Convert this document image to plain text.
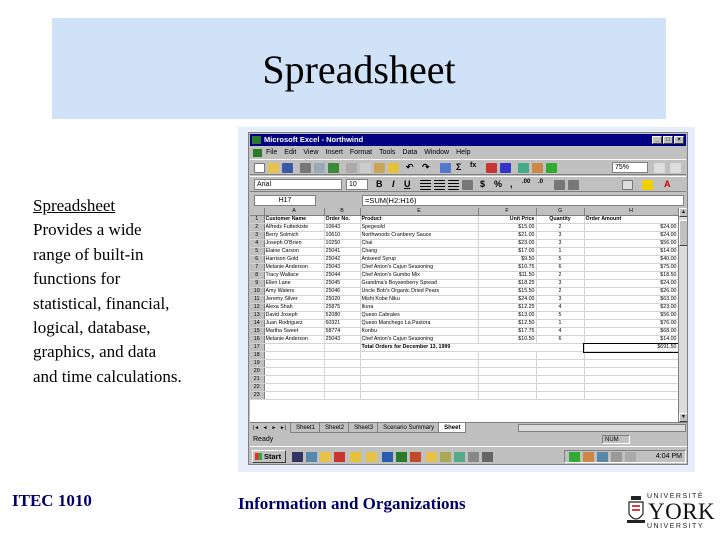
Spreadsheet
Spreadsheet
Provides a wide
range of built-in
functions for
statistical, financial,
logical, database,
graphics, and data
and time calculations.
Microsoft Excel - Northwind	_	□	×
File Edit View Insert Format Tools Data Window Help
↶ ↷	Σ fx	75%
Arial	10	B I U	$ % , .00 .0	A
H17	=SUM(H2:H16)
	A	B	E	F	G	H
1	Customer Name	Order No.	Product	Unit Price	Quantity	Order Amount
2	Alfreds Futterkiste	10643	Spegesild	$15.00	2	$24.00
3	Berry Solmich	10610	Northwoods Cranberry Sauce	$21.00	3	$24.00
4	Joseph O'Brien	10250	Chai	$23.00	3	$56.00
5	Elaine Carson	25041	Chang	$17.00	1	$14.00
6	Harrison Gold	25042	Aniseed Syrup	$9.50	5	$40.00
7	Melanie Anderson	25043	Chef Anton's Cajun Seasoning	$10.75	6	$75.00
8	Tracy Wallace	25044	Chef Anton's Gumbo Mix	$11.50	2	$18.50
9	Ellen Lane	25045	Grandma's Boysenberry Spread	$18.25	3	$24.00
10	Amy Waters	25046	Uncle Bob's Organic Dried Pears	$15.50	2	$26.00
11	Jeremy Silver	25020	Mishi Kobe Niku	$24.00	3	$63.00
12	Alexa Shah	25875	Ikura	$12.25	4	$23.00
13	David Joseph	52080	Queso Cabrales	$13.00	5	$56.00
14	Juan Rodriguez	60321	Queso Manchego La Pastora	$12.50	1	$76.00
15	Martha Sweet	58774	Konbu	$17.75	4	$68.00
16	Melanie Anderson	25043	Chef Anton's Cajun Seasoning	$10.50	6	$14.00
17			Total Orders for December 13, 1999			$691.50
18						
19						
20						
21						
22						
23						
▲
▼
|◄ ◄ ► ►|	Sheet1	Sheet2	Sheet3	Scenario Summary	Sheet
Ready	NUM
Start	4:04 PM
ITEC 1010	Information and Organizations	UNIVERSITÉ
YORK
UNIVERSITY
